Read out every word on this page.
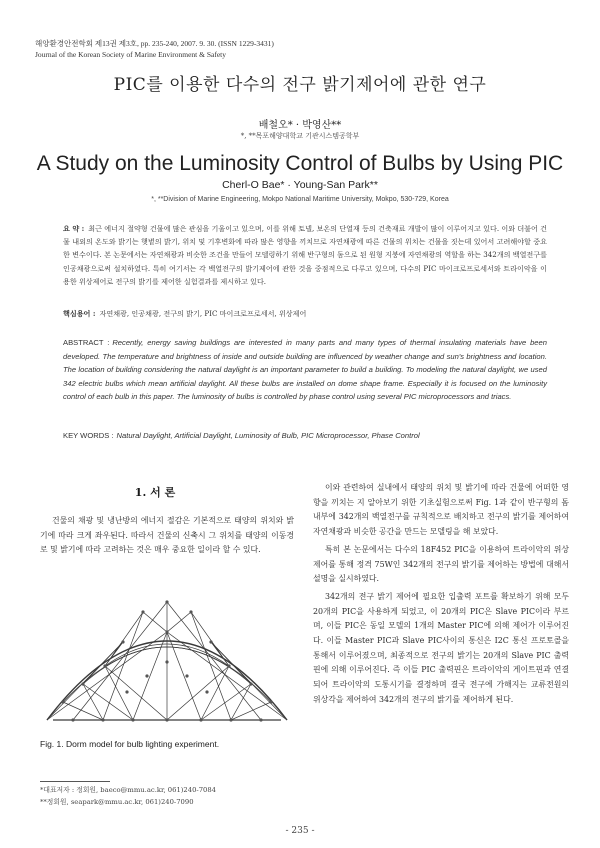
해양환경안전학회 제13권 제3호, pp. 235-240, 2007. 9. 30. (ISSN 1229-3431)
Journal of the Korean Society of Marine Environment & Safety
PIC를 이용한 다수의 전구 밝기제어에 관한 연구
배철오* · 박영산**
*, **목포해양대학교 기관시스템공학부
A Study on the Luminosity Control of Bulbs by Using PIC
Cherl-O Bae* · Young-San Park**
*, **Division of Marine Engineering, Mokpo National Maritime University, Mokpo, 530-729, Korea
요 약 : 최근 에너지 절약형 건물에 많은 관심을 기울이고 있으며, 이를 위해 토넬, 보온의 단열재 등의 건축재료 개발이 많이 이루어지고 있다. 이와 더불어 건물 내외의 온도와 밝기는 햇볕의 밝기, 위치 및 기후변화에 따라 많은 영향을 끼치므로 자연채광에 따른 건물의 위치는 건물을 짓는데 있어서 고려해야할 중요한 변수이다. 본 논문에서는 자연채광과 비슷한 조건을 만들어 모델링하기 위해 반구형의 돔으로 된 원형 지붕에 자연채광의 역할을 하는 342개의 백열전구를 인공채광으로써 설치하였다. 특히 여기서는 각 백열전구의 밝기제어에 관한 것을 중점적으로 다루고 있으며, 다수의 PIC 마이크로프로세서와 트라이악을 이용한 위상제어로 전구의 밝기를 제어한 실험결과를 제시하고 있다.
핵심용어 : 자연채광, 인공채광, 전구의 밝기, PIC 마이크로프로세서, 위상제어
ABSTRACT : Recently, energy saving buildings are interested in many parts and many types of thermal insulating materials have been developed. The temperature and brightness of inside and outside building are influenced by weather change and sun's brightness and location. The location of building considering the natural daylight is an important parameter to build a building. To modeling the natural daylight, we used 342 electric bulbs which mean artificial daylight. All these bulbs are installed on dome shape frame. Especially it is focused on the luminosity control of each bulb in this paper. The luminosity of bulbs is controlled by phase control using several PIC microprocessors and triacs.
KEY WORDS : Natural Daylight, Artificial Daylight, Luminosity of Bulb, PIC Microprocessor, Phase Control
1. 서 론

건물의 채광 및 냉난방의 에너지 절감은 기본적으로 태양의 위치와 밝기에 따라 크게 좌우된다. 따라서 건물의 신축시 그 위치를 태양의 이동경로 및 밝기에 따라 고려하는 것은 매우 중요한 일이라 할 수 있다.

Fig. 1. Dorm model for bulb lighting experiment.

이와 관련하여 실내에서 태양의 위치 및 밝기에 따라 건물에 어떠한 영향을 끼치는 지 알아보기 위한 기초실험으로써 Fig. 1과 같이 반구형의 돔 내부에 342개의 백열전구를 규칙적으로 배치하고 전구의 밝기를 제어하여 자연채광과 비슷한 공간을 만드는 모델링을 해 보았다.

특히 본 논문에서는 다수의 18F452 PIC을 이용하여 트라이악의 위상제어를 통해 정격 75W인 342개의 전구의 밝기를 제어하는 방법에 대해서 설명을 실시하였다.

342개의 전구 밝기 제어에 필요한 입출력 포트를 확보하기 위해 모두 20개의 PIC을 사용하게 되었고, 이 20개의 PIC은 Slave PIC이라 부르며, 이들 PIC은 동일 모델의 1개의 Master PIC에 의해 제어가 이루어진다. 이들 Master PIC과 Slave PIC사이의 통신은 I2C 통신 프로토콜을 통해서 이루어졌으며, 최종적으로 전구의 밝기는 20개의 Slave PIC 출력핀에 의해 이루어진다. 즉 이들 PIC 출력핀은 트라이악의 게이트핀과 연결되어 트라이악의 도통시기를 결정하며 결국 전구에 가해지는 교류전원의 위상각을 제어하여 342개의 전구의 밝기를 제어하게 된다.

*대표저자 : 정회원, baeco@mmu.ac.kr, 061)240-7084
**정회원, seapark@mmu.ac.kr, 061)240-7090
- 235 -
